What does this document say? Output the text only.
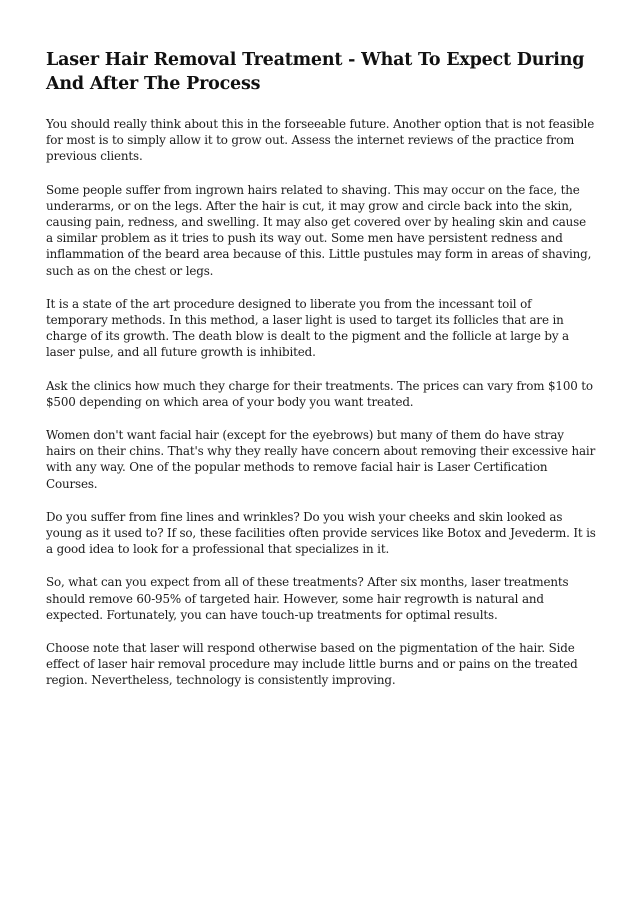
Laser Hair Removal Treatment - What To Expect During And After The Process

You should really think about this in the forseeable future. Another option that is not feasible for most is to simply allow it to grow out. Assess the internet reviews of the practice from previous clients.

Some people suffer from ingrown hairs related to shaving. This may occur on the face, the underarms, or on the legs. After the hair is cut, it may grow and circle back into the skin, causing pain, redness, and swelling. It may also get covered over by healing skin and cause a similar problem as it tries to push its way out. Some men have persistent redness and inflammation of the beard area because of this. Little pustules may form in areas of shaving, such as on the chest or legs.

It is a state of the art procedure designed to liberate you from the incessant toil of temporary methods. In this method, a laser light is used to target its follicles that are in charge of its growth. The death blow is dealt to the pigment and the follicle at large by a laser pulse, and all future growth is inhibited.

Ask the clinics how much they charge for their treatments. The prices can vary from $100 to $500 depending on which area of your body you want treated.

Women don't want facial hair (except for the eyebrows) but many of them do have stray hairs on their chins. That's why they really have concern about removing their excessive hair with any way. One of the popular methods to remove facial hair is Laser Certification Courses.

Do you suffer from fine lines and wrinkles? Do you wish your cheeks and skin looked as young as it used to? If so, these facilities often provide services like Botox and Jevederm. It is a good idea to look for a professional that specializes in it.

So, what can you expect from all of these treatments? After six months, laser treatments should remove 60-95% of targeted hair. However, some hair regrowth is natural and expected. Fortunately, you can have touch-up treatments for optimal results.

Choose note that laser will respond otherwise based on the pigmentation of the hair. Side effect of laser hair removal procedure may include little burns and or pains on the treated region. Nevertheless, technology is consistently improving.
